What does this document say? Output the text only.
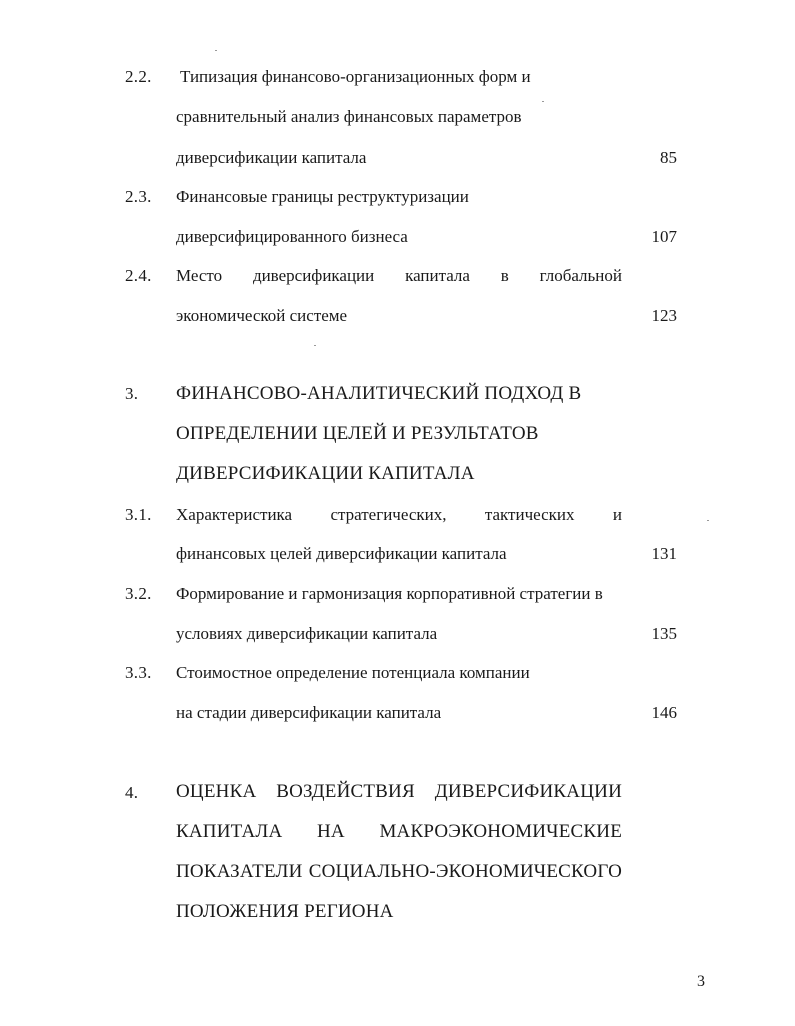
2.2. Типизация финансово-организационных форм и
сравнительный анализ финансовых параметров
диверсификации капитала	85
2.3. Финансовые границы реструктуризации
диверсифицированного бизнеса	107
2.4. Место диверсификации капитала в глобальной
экономической системе	123
3. ФИНАНСОВО-АНАЛИТИЧЕСКИЙ ПОДХОД В
ОПРЕДЕЛЕНИИ ЦЕЛЕЙ И РЕЗУЛЬТАТОВ
ДИВЕРСИФИКАЦИИ КАПИТАЛА
3.1. Характеристика стратегических, тактических и
финансовых целей диверсификации капитала	131
3.2. Формирование и гармонизация корпоративной стратегии в
условиях диверсификации капитала	135
3.3. Стоимостное определение потенциала компании
на стадии диверсификации капитала	146
4. ОЦЕНКА ВОЗДЕЙСТВИЯ ДИВЕРСИФИКАЦИИ
КАПИТАЛА НА МАКРОЭКОНОМИЧЕСКИЕ
ПОКАЗАТЕЛИ СОЦИАЛЬНО-ЭКОНОМИЧЕСКОГО
ПОЛОЖЕНИЯ РЕГИОНА
3
